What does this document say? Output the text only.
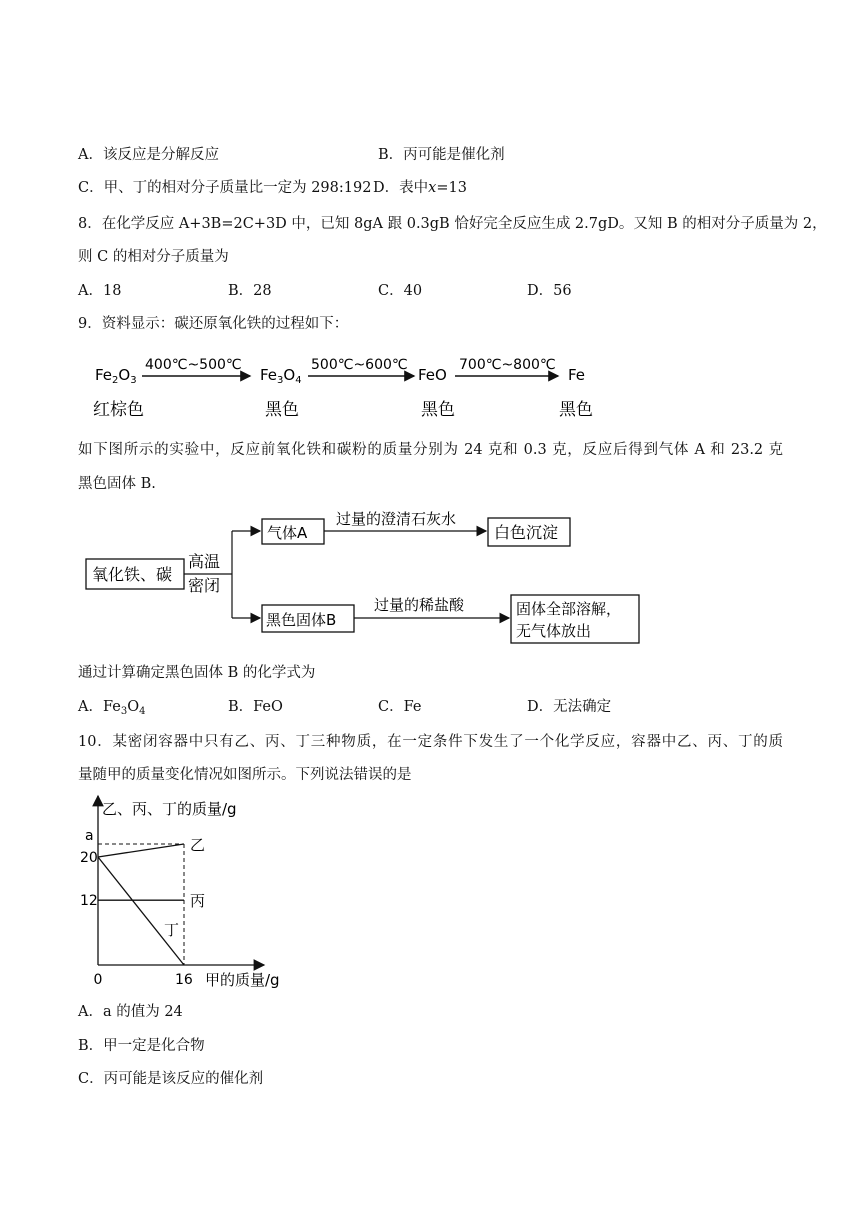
A．该反应是分解反应	B．丙可能是催化剂
C．甲、丁的相对分子质量比一定为 298:192 D．表中x=13
8．在化学反应 A+3B=2C+3D 中，已知 8gA 跟 0.3gB 恰好完全反应生成 2.7gD。又知 B 的相对分子质量为 2，
则 C 的相对分子质量为
A．18	B．28	C．40	D．56
9．资料显示：碳还原氧化铁的过程如下：
$Fe_2O_3$
红棕色
400℃~500℃
$Fe_3O_4$
黑色
500℃~600℃
FeO
黑色
700℃~800℃
Fe
黑色
如下图所示的实验中，反应前氧化铁和碳粉的质量分别为 24 克和 0.3 克，反应后得到气体 A 和 23.2 克
黑色固体 B.
氧化铁、碳
高温
密闭
气体A
过量的澄清石灰水
白色沉淀
黑色固体B
过量的稀盐酸	固体全部溶解，
无气体放出
通过计算确定黑色固体 B 的化学式为
A．$Fe_3O_4$	B．FeO	C．Fe	D．无法确定
10．某密闭容器中只有乙、丙、丁三种物质，在一定条件下发生了一个化学反应，容器中乙、丙、丁的质
量随甲的质量变化情况如图所示。下列说法错误的是
乙、丙、丁的质量/g
甲的质量/g
a
20
12
0	16
乙
丙
丁
A．a 的值为 24
B．甲一定是化合物
C．丙可能是该反应的催化剂
